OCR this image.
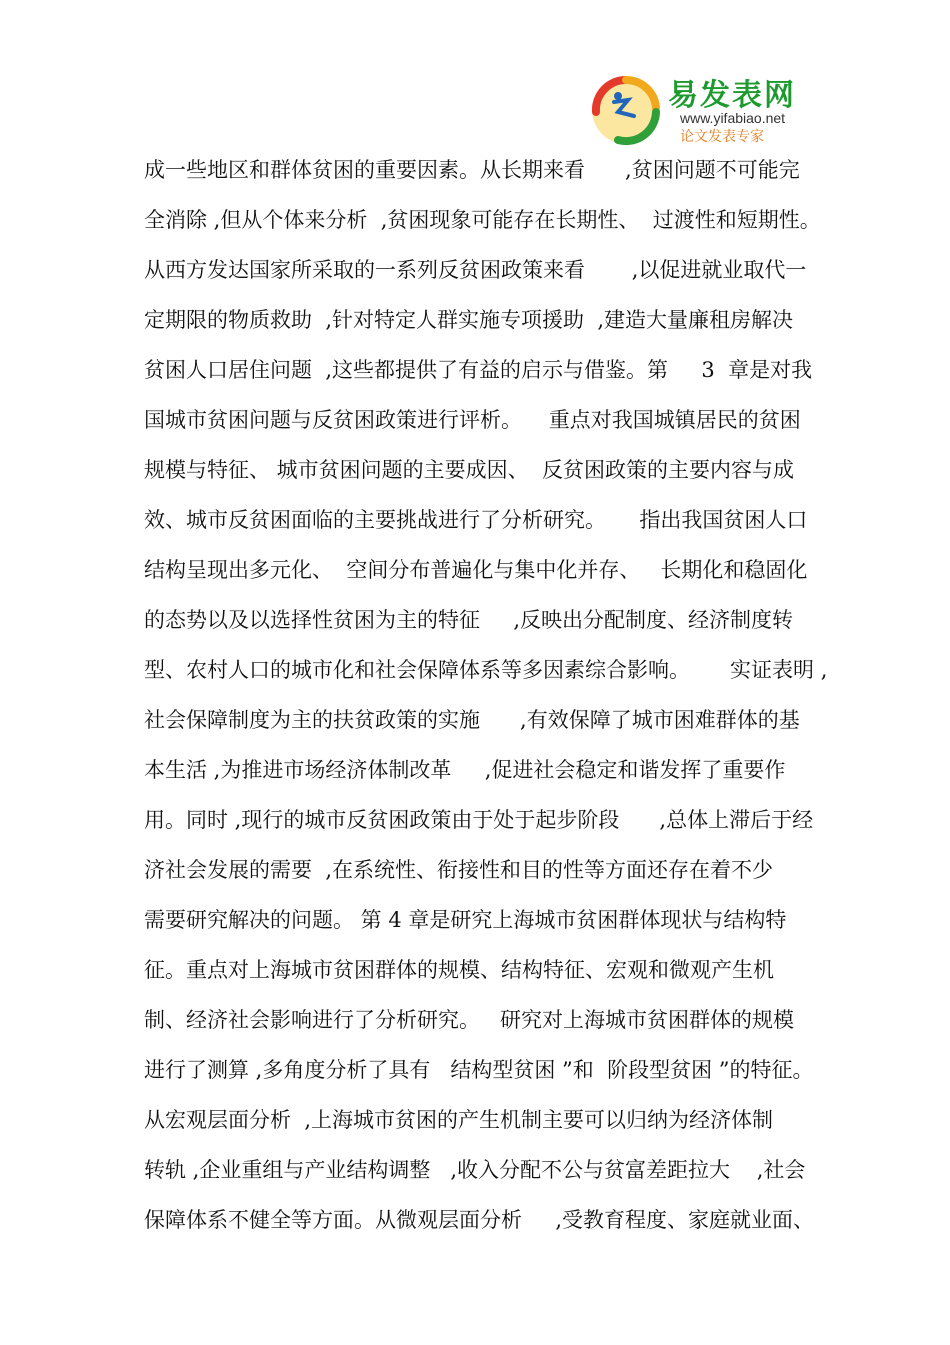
易发表网
www.yifabiao.net
论文发表专家
成一些地区和群体贫困的重要因素。从长期来看      ,贫困问题不可能完
全消除 ,但从个体来分析  ,贫困现象可能存在长期性、  过渡性和短期性。
从西方发达国家所采取的一系列反贫困政策来看       ,以促进就业取代一
定期限的物质救助  ,针对特定人群实施专项援助  ,建造大量廉租房解决
贫困人口居住问题  ,这些都提供了有益的启示与借鉴。第     3  章是对我
国城市贫困问题与反贫困政策进行评析。    重点对我国城镇居民的贫困
规模与特征、 城市贫困问题的主要成因、  反贫困政策的主要内容与成
效、城市反贫困面临的主要挑战进行了分析研究。     指出我国贫困人口
结构呈现出多元化、  空间分布普遍化与集中化并存、   长期化和稳固化
的态势以及以选择性贫困为主的特征     ,反映出分配制度、经济制度转
型、农村人口的城市化和社会保障体系等多因素综合影响。      实证表明 ,
社会保障制度为主的扶贫政策的实施      ,有效保障了城市困难群体的基
本生活 ,为推进市场经济体制改革     ,促进社会稳定和谐发挥了重要作
用。同时 ,现行的城市反贫困政策由于处于起步阶段      ,总体上滞后于经
济社会发展的需要  ,在系统性、衔接性和目的性等方面还存在着不少
需要研究解决的问题。 第 4 章是研究上海城市贫困群体现状与结构特
征。重点对上海城市贫困群体的规模、结构特征、宏观和微观产生机
制、经济社会影响进行了分析研究。   研究对上海城市贫困群体的规模
进行了测算 ,多角度分析了具有   结构型贫困 ”和  阶段型贫困 ”的特征。
从宏观层面分析  ,上海城市贫困的产生机制主要可以归纳为经济体制
转轨 ,企业重组与产业结构调整   ,收入分配不公与贫富差距拉大    ,社会
保障体系不健全等方面。从微观层面分析     ,受教育程度、家庭就业面、
